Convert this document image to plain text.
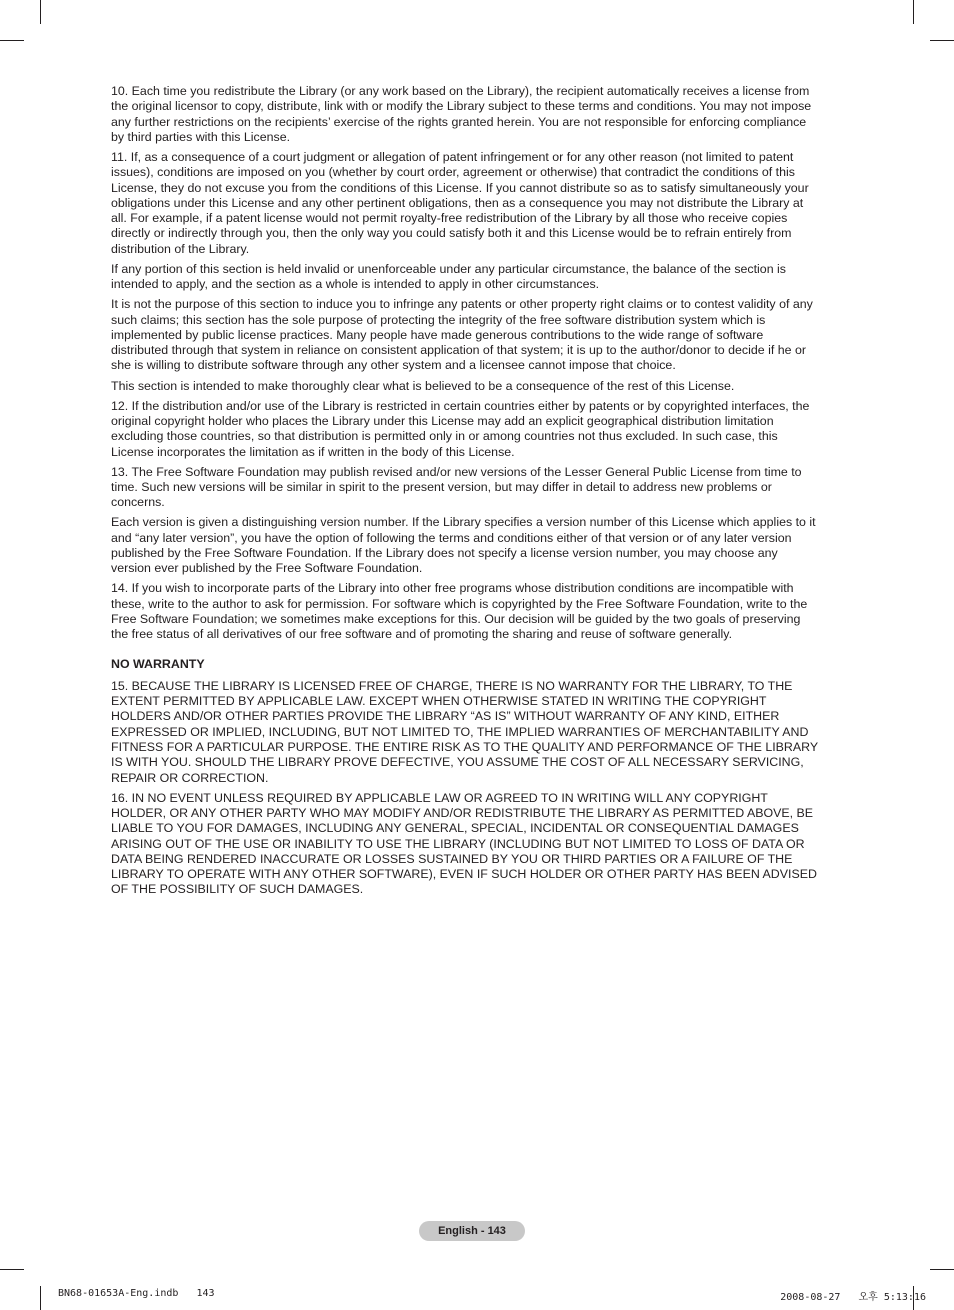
10. Each time you redistribute the Library (or any work based on the Library), the recipient automatically receives a license from the original licensor to copy, distribute, link with or modify the Library subject to these terms and conditions. You may not impose any further restrictions on the recipients’ exercise of the rights granted herein. You are not responsible for enforcing compliance by third parties with this License.

11. If, as a consequence of a court judgment or allegation of patent infringement or for any other reason (not limited to patent issues), conditions are imposed on you (whether by court order, agreement or otherwise) that contradict the conditions of this License, they do not excuse you from the conditions of this License. If you cannot distribute so as to satisfy simultaneously your obligations under this License and any other pertinent obligations, then as a consequence you may not distribute the Library at all. For example, if a patent license would not permit royalty-free redistribution of the Library by all those who receive copies directly or indirectly through you, then the only way you could satisfy both it and this License would be to refrain entirely from distribution of the Library.

If any portion of this section is held invalid or unenforceable under any particular circumstance, the balance of the section is intended to apply, and the section as a whole is intended to apply in other circumstances.

It is not the purpose of this section to induce you to infringe any patents or other property right claims or to contest validity of any such claims; this section has the sole purpose of protecting the integrity of the free software distribution system which is implemented by public license practices. Many people have made generous contributions to the wide range of software distributed through that system in reliance on consistent application of that system; it is up to the author/donor to decide if he or she is willing to distribute software through any other system and a licensee cannot impose that choice.

This section is intended to make thoroughly clear what is believed to be a consequence of the rest of this License.

12. If the distribution and/or use of the Library is restricted in certain countries either by patents or by copyrighted interfaces, the original copyright holder who places the Library under this License may add an explicit geographical distribution limitation excluding those countries, so that distribution is permitted only in or among countries not thus excluded. In such case, this License incorporates the limitation as if written in the body of this License.

13. The Free Software Foundation may publish revised and/or new versions of the Lesser General Public License from time to time. Such new versions will be similar in spirit to the present version, but may differ in detail to address new problems or concerns.

Each version is given a distinguishing version number. If the Library specifies a version number of this License which applies to it and “any later version”, you have the option of following the terms and conditions either of that version or of any later version published by the Free Software Foundation. If the Library does not specify a license version number, you may choose any version ever published by the Free Software Foundation.

14. If you wish to incorporate parts of the Library into other free programs whose distribution conditions are incompatible with these, write to the author to ask for permission. For software which is copyrighted by the Free Software Foundation, write to the Free Software Foundation; we sometimes make exceptions for this. Our decision will be guided by the two goals of preserving the free status of all derivatives of our free software and of promoting the sharing and reuse of software generally.

NO WARRANTY

15. BECAUSE THE LIBRARY IS LICENSED FREE OF CHARGE, THERE IS NO WARRANTY FOR THE LIBRARY, TO THE EXTENT PERMITTED BY APPLICABLE LAW. EXCEPT WHEN OTHERWISE STATED IN WRITING THE COPYRIGHT HOLDERS AND/OR OTHER PARTIES PROVIDE THE LIBRARY “AS IS” WITHOUT WARRANTY OF ANY KIND, EITHER EXPRESSED OR IMPLIED, INCLUDING, BUT NOT LIMITED TO, THE IMPLIED WARRANTIES OF MERCHANTABILITY AND FITNESS FOR A PARTICULAR PURPOSE. THE ENTIRE RISK AS TO THE QUALITY AND PERFORMANCE OF THE LIBRARY IS WITH YOU. SHOULD THE LIBRARY PROVE DEFECTIVE, YOU ASSUME THE COST OF ALL NECESSARY SERVICING, REPAIR OR CORRECTION.

16. IN NO EVENT UNLESS REQUIRED BY APPLICABLE LAW OR AGREED TO IN WRITING WILL ANY COPYRIGHT HOLDER, OR ANY OTHER PARTY WHO MAY MODIFY AND/OR REDISTRIBUTE THE LIBRARY AS PERMITTED ABOVE, BE LIABLE TO YOU FOR DAMAGES, INCLUDING ANY GENERAL, SPECIAL, INCIDENTAL OR CONSEQUENTIAL DAMAGES ARISING OUT OF THE USE OR INABILITY TO USE THE LIBRARY (INCLUDING BUT NOT LIMITED TO LOSS OF DATA OR DATA BEING RENDERED INACCURATE OR LOSSES SUSTAINED BY YOU OR THIRD PARTIES OR A FAILURE OF THE LIBRARY TO OPERATE WITH ANY OTHER SOFTWARE), EVEN IF SUCH HOLDER OR OTHER PARTY HAS BEEN ADVISED OF THE POSSIBILITY OF SUCH DAMAGES.

English - 143
BN68-01653A-Eng.indb   143	2008-08-27   오후 5:13:16
